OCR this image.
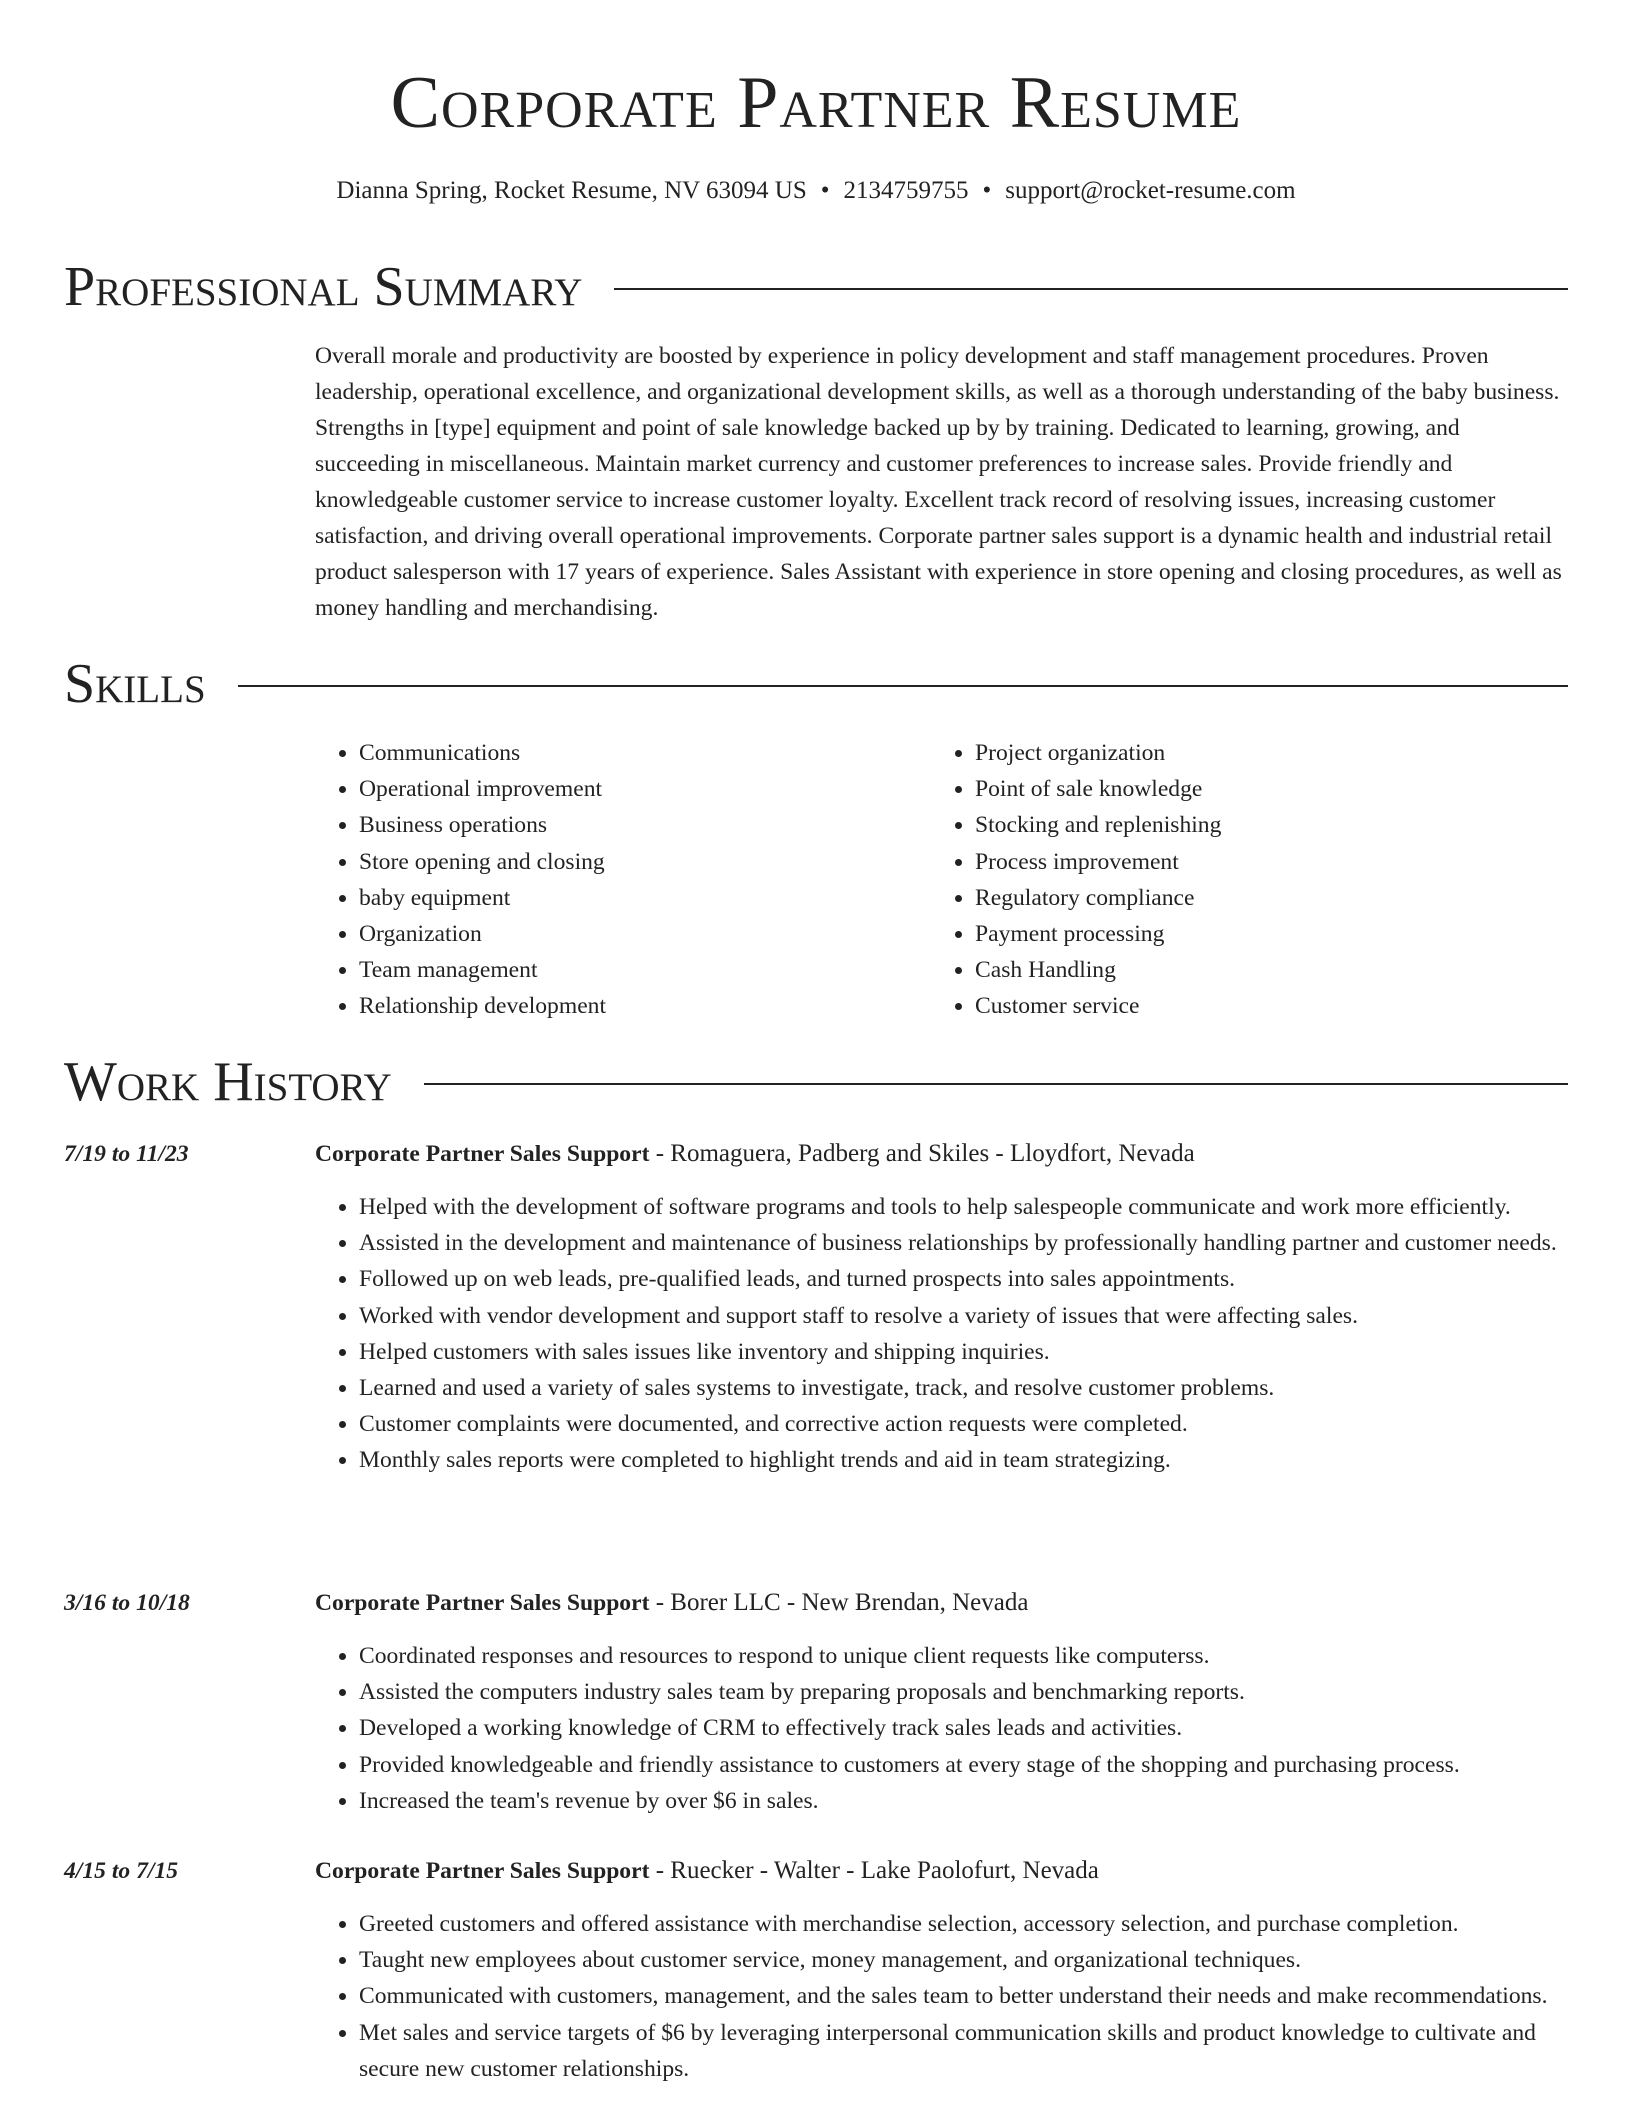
Corporate Partner Resume
Dianna Spring, Rocket Resume, NV 63094 US • 2134759755 • support@rocket-resume.com
Professional Summary

Overall morale and productivity are boosted by experience in policy development and staff management procedures. Proven leadership, operational excellence, and organizational development skills, as well as a thorough understanding of the baby business. Strengths in [type] equipment and point of sale knowledge backed up by by training. Dedicated to learning, growing, and succeeding in miscellaneous. Maintain market currency and customer preferences to increase sales. Provide friendly and knowledgeable customer service to increase customer loyalty. Excellent track record of resolving issues, increasing customer satisfaction, and driving overall operational improvements. Corporate partner sales support is a dynamic health and industrial retail product salesperson with 17 years of experience. Sales Assistant with experience in store opening and closing procedures, as well as money handling and merchandising.

Skills
• Communications
• Operational improvement
• Business operations
• Store opening and closing
• baby equipment
• Organization
• Team management
• Relationship development
• Project organization
• Point of sale knowledge
• Stocking and replenishing
• Process improvement
• Regulatory compliance
• Payment processing
• Cash Handling
• Customer service
Work History
7/19 to 11/23	Corporate Partner Sales Support - Romaguera, Padberg and Skiles - Lloydfort, Nevada
• Helped with the development of software programs and tools to help salespeople communicate and work more efficiently.
• Assisted in the development and maintenance of business relationships by professionally handling partner and customer needs.
• Followed up on web leads, pre-qualified leads, and turned prospects into sales appointments.
• Worked with vendor development and support staff to resolve a variety of issues that were affecting sales.
• Helped customers with sales issues like inventory and shipping inquiries.
• Learned and used a variety of sales systems to investigate, track, and resolve customer problems.
• Customer complaints were documented, and corrective action requests were completed.
• Monthly sales reports were completed to highlight trends and aid in team strategizing.
3/16 to 10/18	Corporate Partner Sales Support - Borer LLC - New Brendan, Nevada
• Coordinated responses and resources to respond to unique client requests like computerss.
• Assisted the computers industry sales team by preparing proposals and benchmarking reports.
• Developed a working knowledge of CRM to effectively track sales leads and activities.
• Provided knowledgeable and friendly assistance to customers at every stage of the shopping and purchasing process.
• Increased the team's revenue by over $6 in sales.
4/15 to 7/15	Corporate Partner Sales Support - Ruecker - Walter - Lake Paolofurt, Nevada
• Greeted customers and offered assistance with merchandise selection, accessory selection, and purchase completion.
• Taught new employees about customer service, money management, and organizational techniques.
• Communicated with customers, management, and the sales team to better understand their needs and make recommendations.
• Met sales and service targets of $6 by leveraging interpersonal communication skills and product knowledge to cultivate and secure new customer relationships.
